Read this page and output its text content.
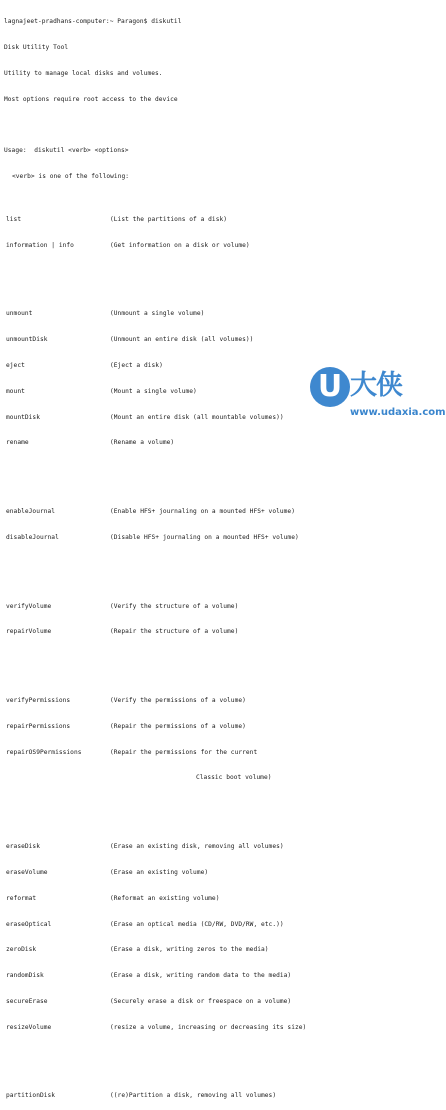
lagnajeet-pradhans-computer:~ Paragon$ diskutil

Disk Utility Tool

Utility to manage local disks and volumes.

Most options require root access to the device

Usage:  diskutil <verb> <options>

<verb> is one of the following:

list	(List the partitions of a disk)

information | info	(Get information on a disk or volume)

unmount	(Unmount a single volume)

unmountDisk	(Unmount an entire disk (all volumes))

eject	(Eject a disk)

mount	(Mount a single volume)

mountDisk	(Mount an entire disk (all mountable volumes))

rename	(Rename a volume)

enableJournal	(Enable HFS+ journaling on a mounted HFS+ volume)

disableJournal	(Disable HFS+ journaling on a mounted HFS+ volume)

verifyVolume	(Verify the structure of a volume)

repairVolume	(Repair the structure of a volume)

verifyPermissions	(Verify the permissions of a volume)

repairPermissions	(Repair the permissions of a volume)

repairOS9Permissions	(Repair the permissions for the current

Classic boot volume)

eraseDisk	(Erase an existing disk, removing all volumes)

eraseVolume	(Erase an existing volume)

reformat	(Reformat an existing volume)

eraseOptical	(Erase an optical media (CD/RW, DVD/RW, etc.))

zeroDisk	(Erase a disk, writing zeros to the media)

randomDisk	(Erase a disk, writing random data to the media)

secureErase	(Securely erase a disk or freespace on a volume)

resizeVolume	(resize a volume, increasing or decreasing its size)

partitionDisk	((re)Partition a disk, removing all volumes)

U 大侠
www.udaxia.com
